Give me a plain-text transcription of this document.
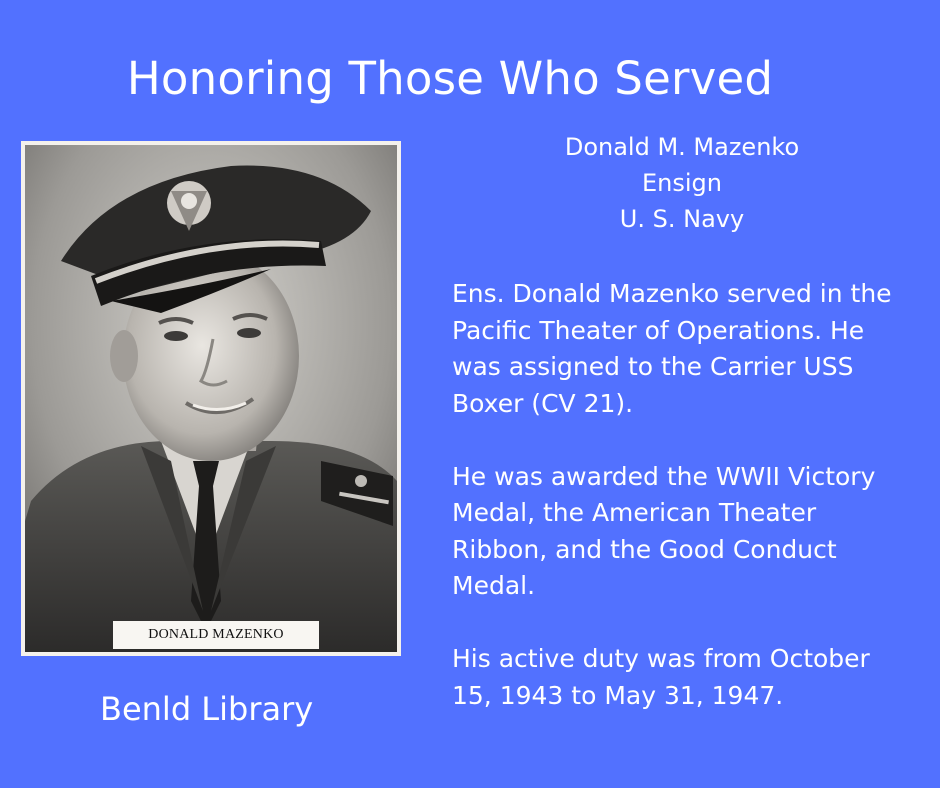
Honoring Those Who Served
DONALD MAZENKO
Benld Library
Donald M. Mazenko
Ensign
U. S. Navy

Ens. Donald Mazenko served in the
Pacific Theater of Operations. He
was assigned to the Carrier USS
Boxer (CV 21).

He was awarded the WWII Victory
Medal, the American Theater
Ribbon, and the Good Conduct
Medal.

His active duty was from October
15, 1943 to May 31, 1947.
